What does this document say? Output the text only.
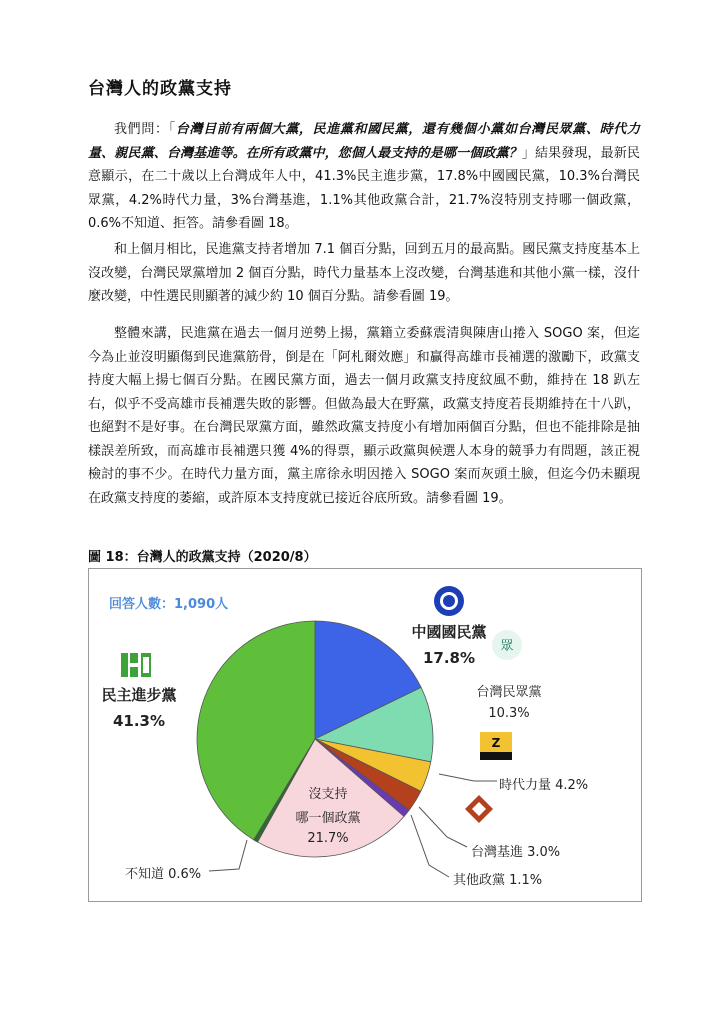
台灣人的政黨支持

我們問：「台灣目前有兩個大黨，民進黨和國民黨，還有幾個小黨如台灣民眾黨、時代力量、親民黨、台灣基進等。在所有政黨中，您個人最支持的是哪一個政黨？」結果發現，最新民意顯示，在二十歲以上台灣成年人中，41.3%民主進步黨，17.8%中國國民黨，10.3%台灣民眾黨，4.2%時代力量，3%台灣基進，1.1%其他政黨合計，21.7%沒特別支持哪一個政黨，0.6%不知道、拒答。請參看圖 18。

和上個月相比，民進黨支持者增加 7.1 個百分點，回到五月的最高點。國民黨支持度基本上沒改變，台灣民眾黨增加 2 個百分點，時代力量基本上沒改變，台灣基進和其他小黨一樣，沒什麼改變，中性選民則顯著的減少約 10 個百分點。請參看圖 19。

整體來講，民進黨在過去一個月逆勢上揚，黨籍立委蘇震清與陳唐山捲入 SOGO 案，但迄今為止並沒明顯傷到民進黨筋骨，倒是在「阿札爾效應」和贏得高雄市長補選的激勵下，政黨支持度大幅上揚七個百分點。在國民黨方面，過去一個月政黨支持度紋風不動，維持在 18 趴左右，似乎不受高雄市長補選失敗的影響。但做為最大在野黨，政黨支持度若長期維持在十八趴，也絕對不是好事。在台灣民眾黨方面，雖然政黨支持度小有增加兩個百分點，但也不能排除是抽樣誤差所致，而高雄市長補選只獲 4%的得票，顯示政黨與候選人本身的競爭力有問題，該正視檢討的事不少。在時代力量方面，黨主席徐永明因捲入 SOGO 案而灰頭土臉，但迄今仍未顯現在政黨支持度的萎縮，或許原本支持度就已接近谷底所致。請參看圖 19。

圖 18：台灣人的政黨支持（2020/8）
眾
Z
回答人數：1,090人
中國國民黨
17.8%
台灣民眾黨
10.3%
時代力量 4.2%
台灣基進 3.0%
其他政黨 1.1%
民主進步黨
41.3%
沒支持
哪一個政黨
21.7%
不知道 0.6%
